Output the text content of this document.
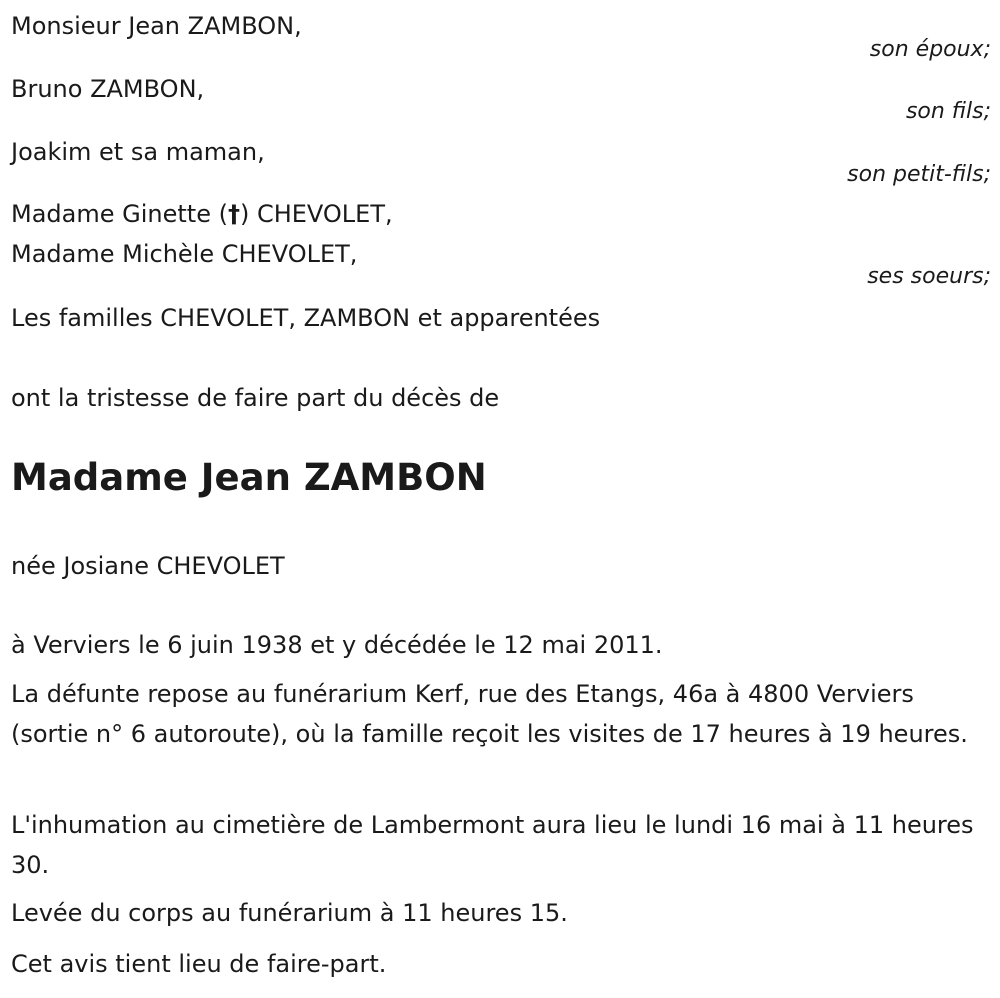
Monsieur Jean ZAMBON,
son époux;
Bruno ZAMBON,
son fils;
Joakim et sa maman,
son petit-fils;
Madame Ginette (†) CHEVOLET,
Madame Michèle CHEVOLET,
ses soeurs;
Les familles CHEVOLET, ZAMBON et apparentées
ont la tristesse de faire part du décès de
Madame Jean ZAMBON
née Josiane CHEVOLET
à Verviers le 6 juin 1938 et y décédée le 12 mai 2011.
La défunte repose au funérarium Kerf, rue des Etangs, 46a à 4800 Verviers (sortie n° 6 autoroute), où la famille reçoit les visites de 17 heures à 19 heures.
L'inhumation au cimetière de Lambermont aura lieu le lundi 16 mai à 11 heures 30.
Levée du corps au funérarium à 11 heures 15.
Cet avis tient lieu de faire-part.
